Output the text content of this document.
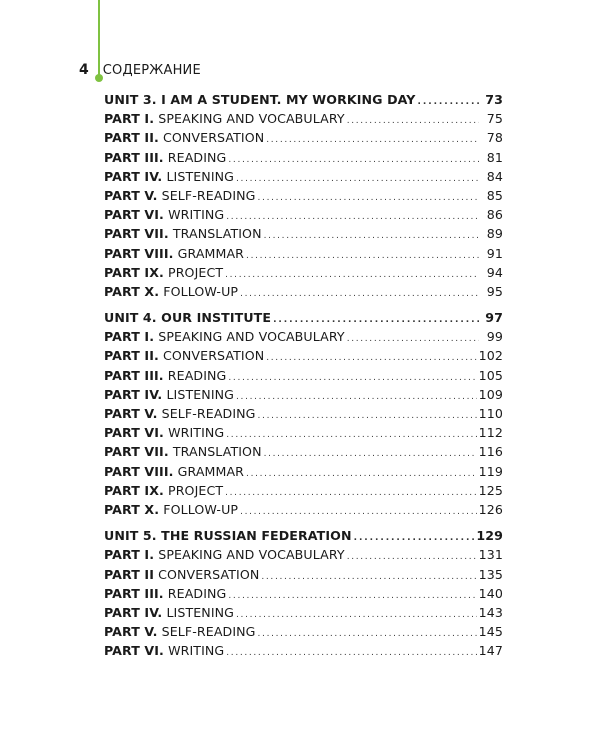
4 СОДЕРЖАНИЕ
UNIT 3. I AM A STUDENT. MY WORKING DAY . . .	73
PART I. SPEAKING AND VOCABULARY . . .	75
PART II. CONVERSATION . . .	78
PART III. READING . . .	81
PART IV. LISTENING . . .	84
PART V. SELF-READING . . .	85
PART VI. WRITING . . .	86
PART VII. TRANSLATION . . .	89
PART VIII. GRAMMAR . . .	91
PART IX. PROJECT . . .	94
PART X. FOLLOW-UP . . .	95
UNIT 4. OUR INSTITUTE . . .	97
PART I. SPEAKING AND VOCABULARY . . .	99
PART II. CONVERSATION . . .	102
PART III. READING . . .	105
PART IV. LISTENING . . .	109
PART V. SELF-READING . . .	110
PART VI. WRITING . . .	112
PART VII. TRANSLATION . . .	116
PART VIII. GRAMMAR . . .	119
PART IX. PROJECT . . .	125
PART X. FOLLOW-UP . . .	126
UNIT 5. THE RUSSIAN FEDERATION . . .	129
PART I. SPEAKING AND VOCABULARY . . .	131
PART II CONVERSATION . . .	135
PART III. READING . . .	140
PART IV. LISTENING . . .	143
PART V. SELF-READING . . .	145
PART VI. WRITING . . .	147
